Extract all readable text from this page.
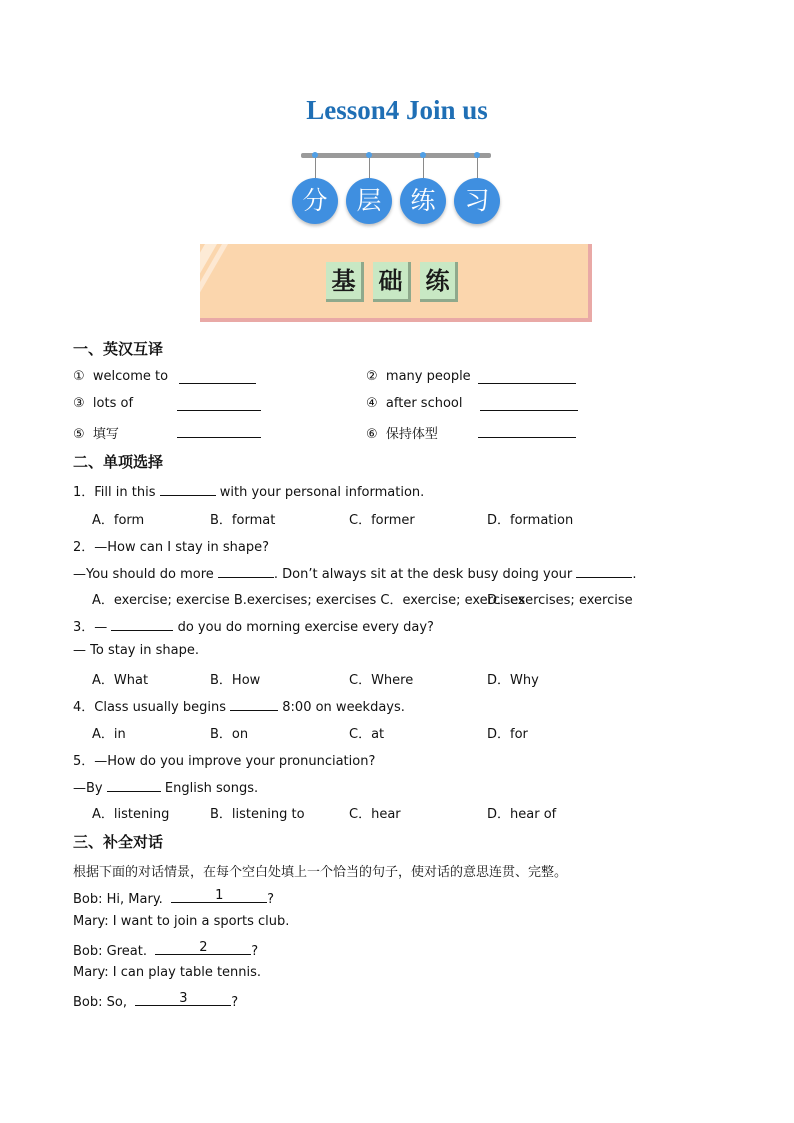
Lesson4 Join us
分	层	练	习
基 础 练
一、英汉互译
① welcome to	② many people
③ lots of	④ after school
⑤ 填写	⑥ 保持体型
二、单项选择
1．Fill in this	with your personal information.
A．form	B．format	C．former	D．formation
2．—How can I stay in shape?
—You should do more	. Don’t always sit at the desk busy doing your	.
A．exercise; exercise B.exercises; exercises C．exercise; exercises
D．exercises; exercise
3．—	do you do morning exercise every day?
— To stay in shape.
A．What	B．How	C．Where	D．Why
4．Class usually begins	8:00 on weekdays.
A．in	B．on	C．at	D．for
5．—How do you improve your pronunciation?
—By	English songs.
A．listening	B．listening to	C．hear	D．hear of
三、补全对话
根据下面的对话情景，在每个空白处填上一个恰当的句子，使对话的意思连贯、完整。
Bob: Hi, Mary.	1	?
Mary: I want to join a sports club.
Bob: Great.	2	?
Mary: I can play table tennis.
Bob: So,	3	?
